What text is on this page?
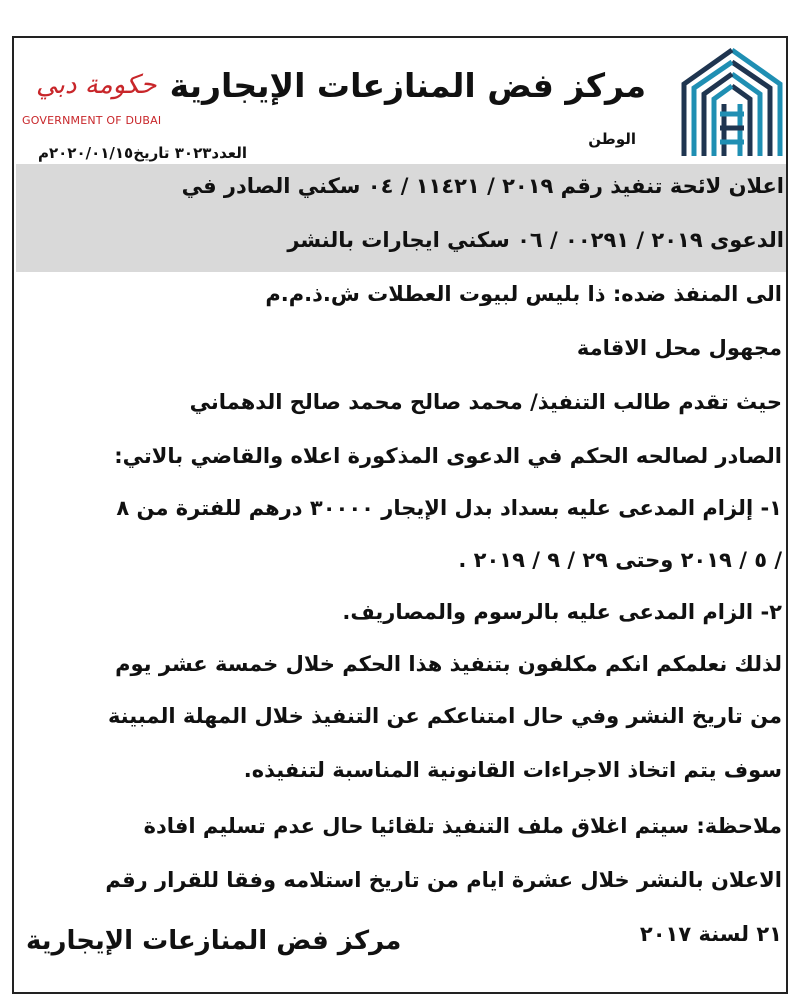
مركز فض المنازعات الإيجارية
الوطن
حكومة دبي
GOVERNMENT OF DUBAI
العدد٣٠٢٣ تاريخ٢٠٢٠/٠١/١٥م
اعلان لائحة تنفيذ رقم ٢٠١٩ / ١١٤٢١ / ٠٤ سكني الصادر في
الدعوى ٢٠١٩ / ٠٠٢٩١ / ٠٦ سكني ايجارات بالنشر
الى المنفذ ضده: ذا بليس لبيوت العطلات ش.ذ.م.م
مجهول محل الاقامة
حيث تقدم طالب التنفيذ/ محمد صالح محمد صالح الدهماني
الصادر لصالحه الحكم في الدعوى المذكورة اعلاه والقاضي بالاتي:
١- إلزام المدعى عليه بسداد بدل الإيجار ٣٠٠٠٠ درهم للفترة من ٨
/ ٥ / ٢٠١٩ وحتى ٢٩ / ٩ / ٢٠١٩ .
٢- الزام المدعى عليه بالرسوم والمصاريف.
لذلك نعلمكم انكم مكلفون بتنفيذ هذا الحكم خلال خمسة عشر يوم
من تاريخ النشر وفي حال امتناعكم عن التنفيذ خلال المهلة المبينة
سوف يتم اتخاذ الاجراءات القانونية المناسبة لتنفيذه.
ملاحظة: سيتم اغلاق ملف التنفيذ تلقائيا حال عدم تسليم افادة
الاعلان بالنشر خلال عشرة ايام من تاريخ استلامه وفقا للقرار رقم
٢١ لسنة ٢٠١٧
مركز فض المنازعات الإيجارية
